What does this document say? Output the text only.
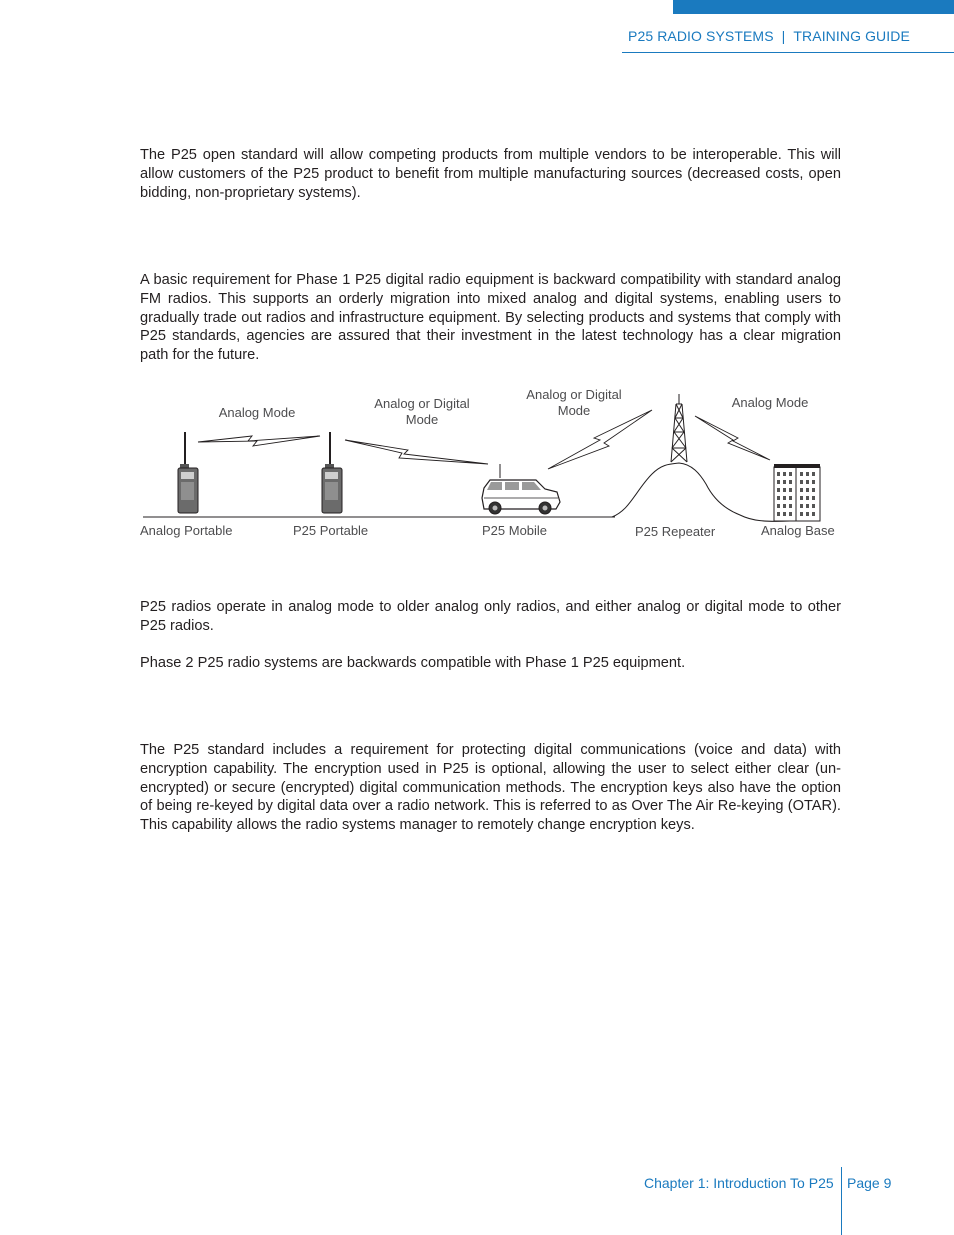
P25 RADIO SYSTEMS | TRAINING GUIDE

The P25 open standard will allow competing products from multiple vendors to be interoperable. This will allow customers of the P25 product to benefit from multiple manufacturing sources (decreased costs, open bidding, non-proprietary systems).

A basic requirement for Phase 1 P25 digital radio equipment is backward compatibility with standard analog FM radios. This supports an orderly migration into mixed analog and digital systems, enabling users to gradually trade out radios and infrastructure equipment. By selecting products and systems that comply with P25 standards, agencies are assured that their investment in the latest technology has a clear migration path for the future.

Analog Mode
Analog or Digital
Mode
Analog or Digital
Mode
Analog Mode
Analog Portable	P25 Portable	P25 Mobile	P25 Repeater	Analog Base

P25 radios operate in analog mode to older analog only radios, and either analog or digital mode to other P25 radios.

Phase 2 P25 radio systems are backwards compatible with Phase 1 P25 equipment.

The P25 standard includes a requirement for protecting digital communications (voice and data) with encryption capability. The encryption used in P25 is optional, allowing the user to select either clear (un-encrypted) or secure (encrypted) digital communication methods. The encryption keys also have the option of being re-keyed by digital data over a radio network. This is referred to as Over The Air Re-keying (OTAR). This capability allows the radio systems manager to remotely change encryption keys.

Chapter 1: Introduction To P25 Page 9
